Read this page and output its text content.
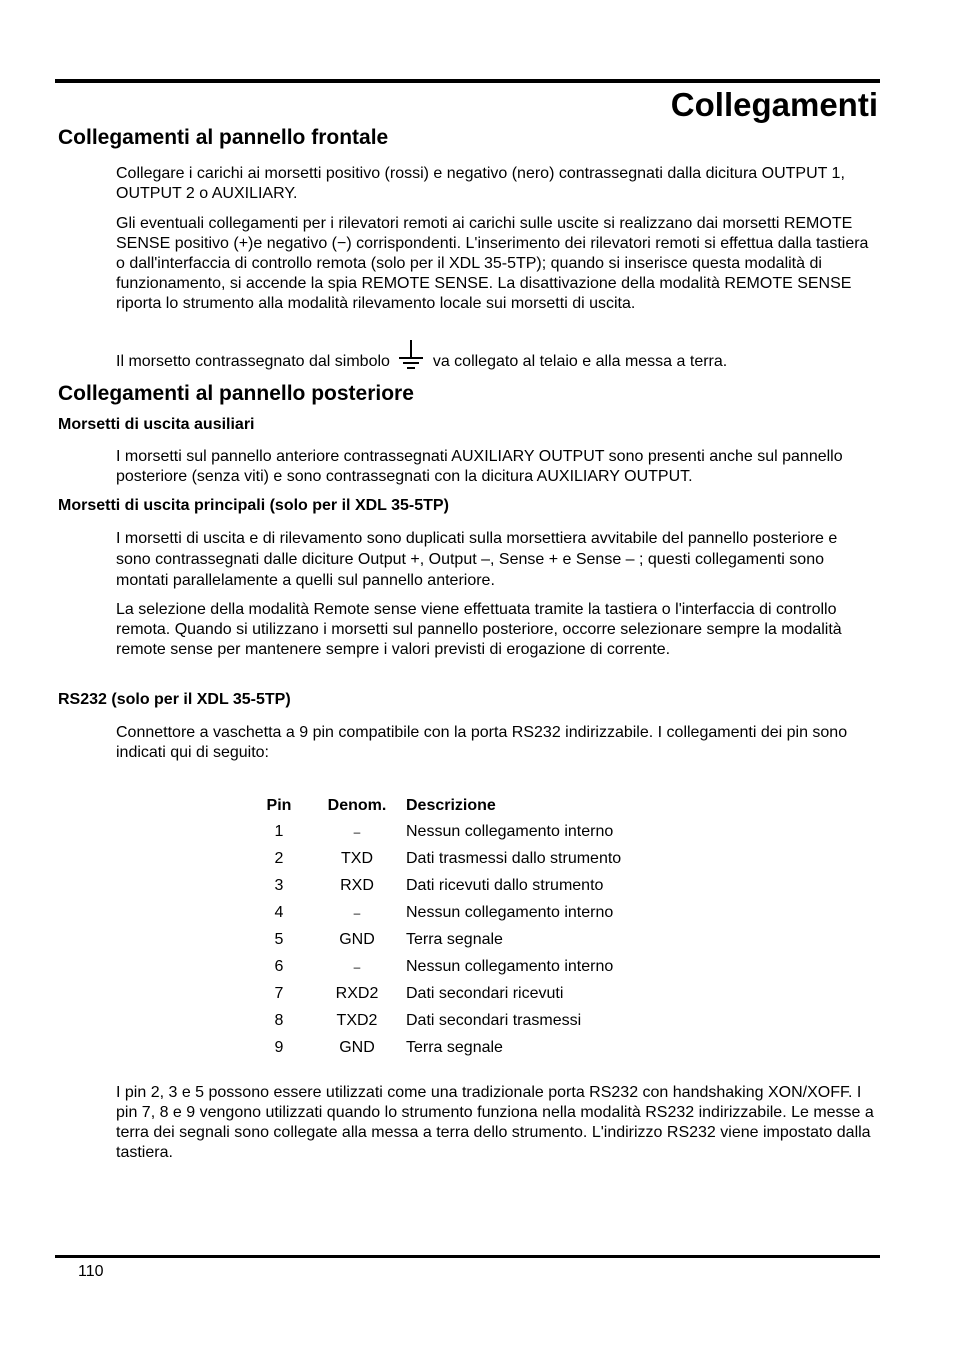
Collegamenti
Collegamenti al pannello frontale

Collegare i carichi ai morsetti positivo (rossi) e negativo (nero) contrassegnati dalla dicitura OUTPUT 1, OUTPUT 2 o AUXILIARY.

Gli eventuali collegamenti per i rilevatori remoti ai carichi sulle uscite si realizzano dai morsetti REMOTE SENSE positivo (+)e negativo (−) corrispondenti. L'inserimento dei rilevatori remoti si effettua dalla tastiera o dall'interfaccia di controllo remota (solo per il XDL 35-5TP); quando si inserisce questa modalità di funzionamento, si accende la spia REMOTE SENSE. La disattivazione della modalità REMOTE SENSE riporta lo strumento alla modalità rilevamento locale sui morsetti di uscita.

Il morsetto contrassegnato dal simbolo	va collegato al telaio e alla messa a terra.

Collegamenti al pannello posteriore
Morsetti di uscita ausiliari

I morsetti sul pannello anteriore contrassegnati AUXILIARY OUTPUT sono presenti anche sul pannello posteriore (senza viti) e sono contrassegnati con la dicitura AUXILIARY OUTPUT.

Morsetti di uscita principali (solo per il XDL 35-5TP)

I morsetti di uscita e di rilevamento sono duplicati sulla morsettiera avvitabile del pannello posteriore e sono contrassegnati dalle diciture Output +, Output –, Sense + e Sense – ; questi collegamenti sono montati parallelamente a quelli sul pannello anteriore.

La selezione della modalità Remote sense viene effettuata tramite la tastiera o l'interfaccia di controllo remota. Quando si utilizzano i morsetti sul pannello posteriore, occorre selezionare sempre la modalità remote sense per mantenere sempre i valori previsti di erogazione di corrente.

RS232 (solo per il XDL 35-5TP)

Connettore a vaschetta a 9 pin compatibile con la porta RS232 indirizzabile. I collegamenti dei pin sono indicati qui di seguito:

Pin	Denom.	Descrizione
1	–	Nessun collegamento interno
2	TXD	Dati trasmessi dallo strumento
3	RXD	Dati ricevuti dallo strumento
4	–	Nessun collegamento interno
5	GND	Terra segnale
6	–	Nessun collegamento interno
7	RXD2	Dati secondari ricevuti
8	TXD2	Dati secondari trasmessi
9	GND	Terra segnale

I pin 2, 3 e 5 possono essere utilizzati come una tradizionale porta RS232 con handshaking XON/XOFF. I pin 7, 8 e 9 vengono utilizzati quando lo strumento funziona nella modalità RS232 indirizzabile. Le messe a terra dei segnali sono collegate alla messa a terra dello strumento. L'indirizzo RS232 viene impostato dalla tastiera.

110
